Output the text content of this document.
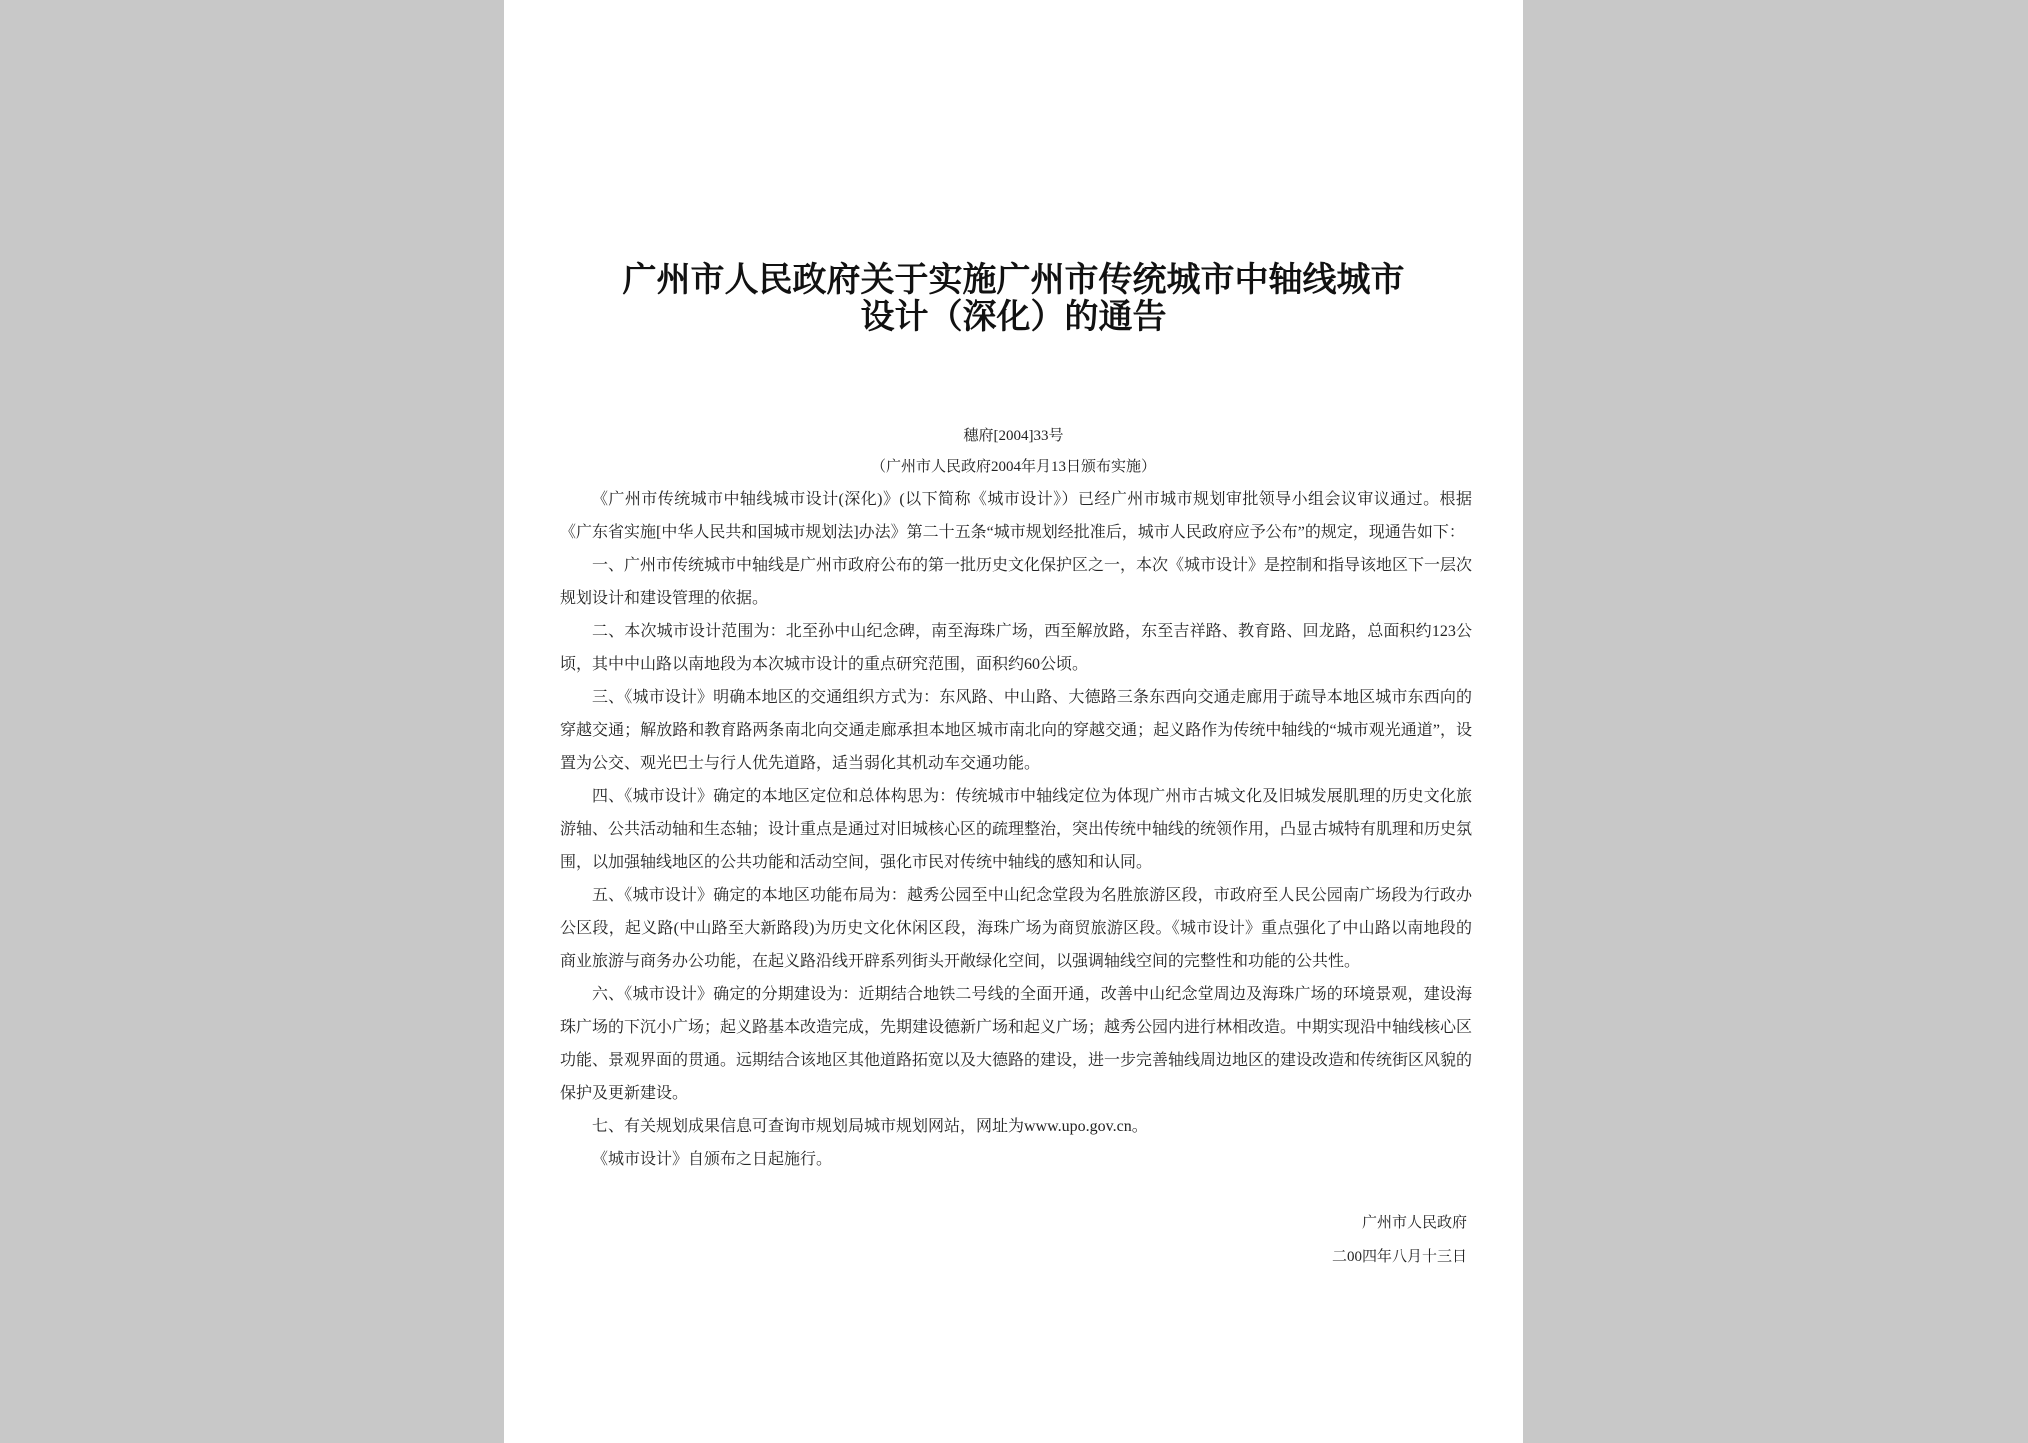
广州市人民政府关于实施广州市传统城市中轴线城市
设计（深化）的通告
穗府[2004]33号
（广州市人民政府2004年月13日颁布实施）

《广州市传统城市中轴线城市设计(深化)》(以下简称《城市设计》）已经广州市城市规划审批领导小组会议审议通过。根据《广东省实施[中华人民共和国城市规划法]办法》第二十五条“城市规划经批准后，城市人民政府应予公布”的规定，现通告如下：

一、广州市传统城市中轴线是广州市政府公布的第一批历史文化保护区之一，本次《城市设计》是控制和指导该地区下一层次规划设计和建设管理的依据。

二、本次城市设计范围为：北至孙中山纪念碑，南至海珠广场，西至解放路，东至吉祥路、教育路、回龙路，总面积约123公顷，其中中山路以南地段为本次城市设计的重点研究范围，面积约60公顷。

三、《城市设计》明确本地区的交通组织方式为：东风路、中山路、大德路三条东西向交通走廊用于疏导本地区城市东西向的穿越交通；解放路和教育路两条南北向交通走廊承担本地区城市南北向的穿越交通；起义路作为传统中轴线的“城市观光通道”，设置为公交、观光巴士与行人优先道路，适当弱化其机动车交通功能。

四、《城市设计》确定的本地区定位和总体构思为：传统城市中轴线定位为体现广州市古城文化及旧城发展肌理的历史文化旅游轴、公共活动轴和生态轴；设计重点是通过对旧城核心区的疏理整治，突出传统中轴线的统领作用，凸显古城特有肌理和历史氛围，以加强轴线地区的公共功能和活动空间，强化市民对传统中轴线的感知和认同。

五、《城市设计》确定的本地区功能布局为：越秀公园至中山纪念堂段为名胜旅游区段，市政府至人民公园南广场段为行政办公区段，起义路(中山路至大新路段)为历史文化休闲区段，海珠广场为商贸旅游区段。《城市设计》重点强化了中山路以南地段的商业旅游与商务办公功能，在起义路沿线开辟系列街头开敞绿化空间，以强调轴线空间的完整性和功能的公共性。

六、《城市设计》确定的分期建设为：近期结合地铁二号线的全面开通，改善中山纪念堂周边及海珠广场的环境景观，建设海珠广场的下沉小广场；起义路基本改造完成，先期建设德新广场和起义广场；越秀公园内进行林相改造。中期实现沿中轴线核心区功能、景观界面的贯通。远期结合该地区其他道路拓宽以及大德路的建设，进一步完善轴线周边地区的建设改造和传统街区风貌的保护及更新建设。

七、有关规划成果信息可查询市规划局城市规划网站，网址为www.upo.gov.cn。

《城市设计》自颁布之日起施行。

广州市人民政府
二00四年八月十三日
